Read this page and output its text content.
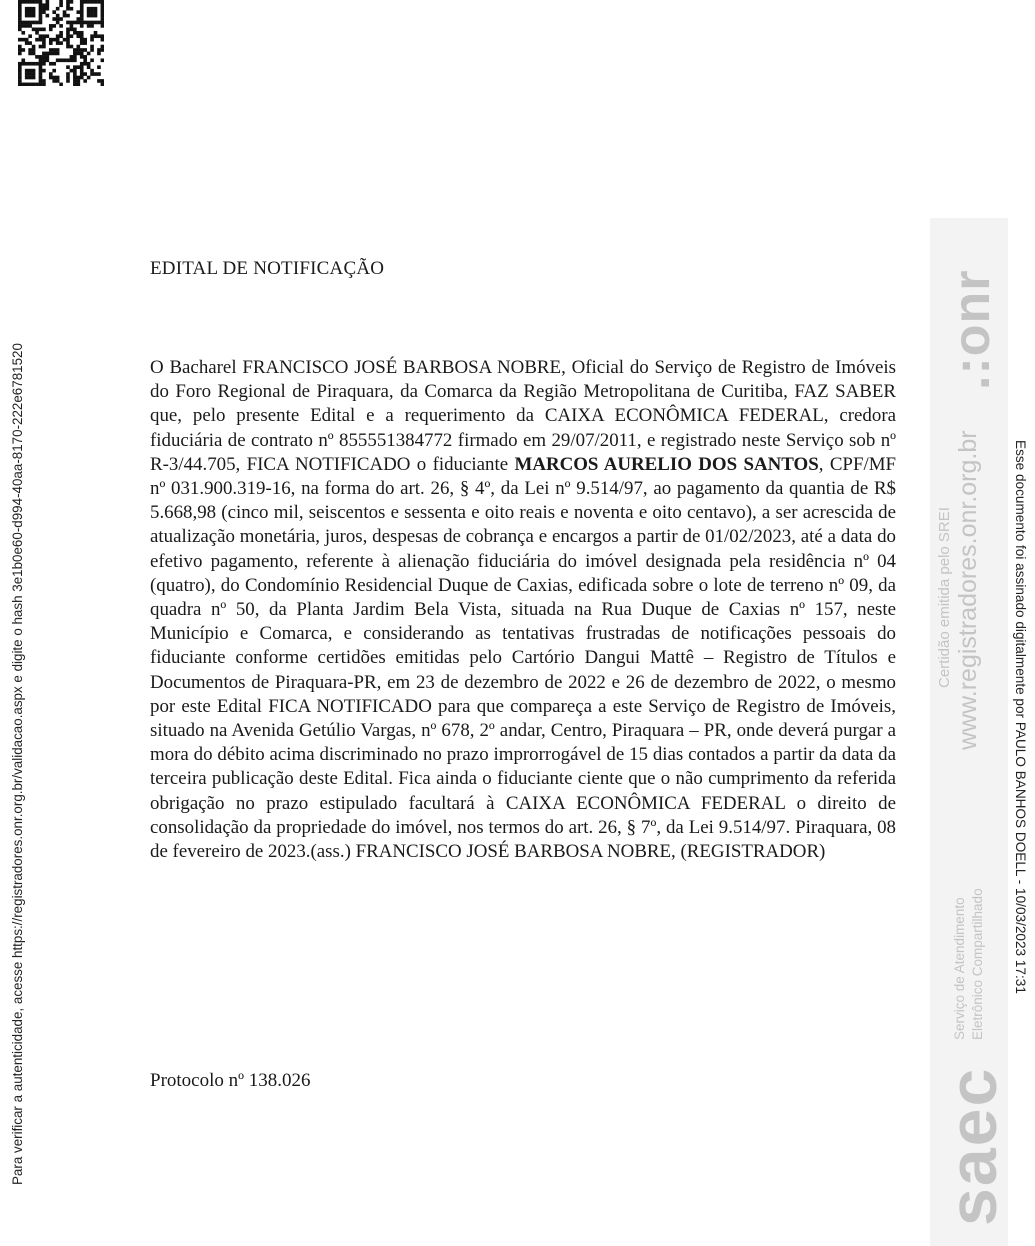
Para verificar a autenticidade, acesse https://registradores.onr.org.br/validacao.aspx e digite o hash 3e1b0e60-d994-40aa-8170-222e6781520
EDITAL DE NOTIFICAÇÃO
O Bacharel FRANCISCO JOSÉ BARBOSA NOBRE, Oficial do Serviço de Registro de Imóveis do Foro Regional de Piraquara, da Comarca da Região Metropolitana de Curitiba, FAZ SABER que, pelo presente Edital e a requerimento da CAIXA ECONÔMICA FEDERAL, credora fiduciária de contrato nº 855551384772 firmado em 29/07/2011, e registrado neste Serviço sob nº R-3/44.705, FICA NOTIFICADO o fiduciante MARCOS AURELIO DOS SANTOS, CPF/MF nº 031.900.319-16, na forma do art. 26, § 4º, da Lei nº 9.514/97, ao pagamento da quantia de R$ 5.668,98 (cinco mil, seiscentos e sessenta e oito reais e noventa e oito centavo), a ser acrescida de atualização monetária, juros, despesas de cobrança e encargos a partir de 01/02/2023, até a data do efetivo pagamento, referente à alienação fiduciária do imóvel designada pela residência nº 04 (quatro), do Condomínio Residencial Duque de Caxias, edificada sobre o lote de terreno nº 09, da quadra nº 50, da Planta Jardim Bela Vista, situada na Rua Duque de Caxias nº 157, neste Município e Comarca, e considerando as tentativas frustradas de notificações pessoais do fiduciante conforme certidões emitidas pelo Cartório Dangui Mattê – Registro de Títulos e Documentos de Piraquara-PR, em 23 de dezembro de 2022 e 26 de dezembro de 2022, o mesmo por este Edital FICA NOTIFICADO para que compareça a este Serviço de Registro de Imóveis, situado na Avenida Getúlio Vargas, nº 678, 2º andar, Centro, Piraquara – PR, onde deverá purgar a mora do débito acima discriminado no prazo improrrogável de 15 dias contados a partir da data da terceira publicação deste Edital. Fica ainda o fiduciante ciente que o não cumprimento da referida obrigação no prazo estipulado facultará à CAIXA ECONÔMICA FEDERAL o direito de consolidação da propriedade do imóvel, nos termos do art. 26, § 7º, da Lei 9.514/97. Piraquara, 08 de fevereiro de 2023.(ass.) FRANCISCO JOSÉ BARBOSA NOBRE, (REGISTRADOR)
Protocolo nº 138.026
.:onr
Certidão emitida pelo SREI www.registradores.onr.org.br
Serviço de Atendimento Eletrônico Compartilhado
saec
Esse documento foi assinado digitalmente por PAULO BANHOS DOELL - 10/03/2023 17:31
